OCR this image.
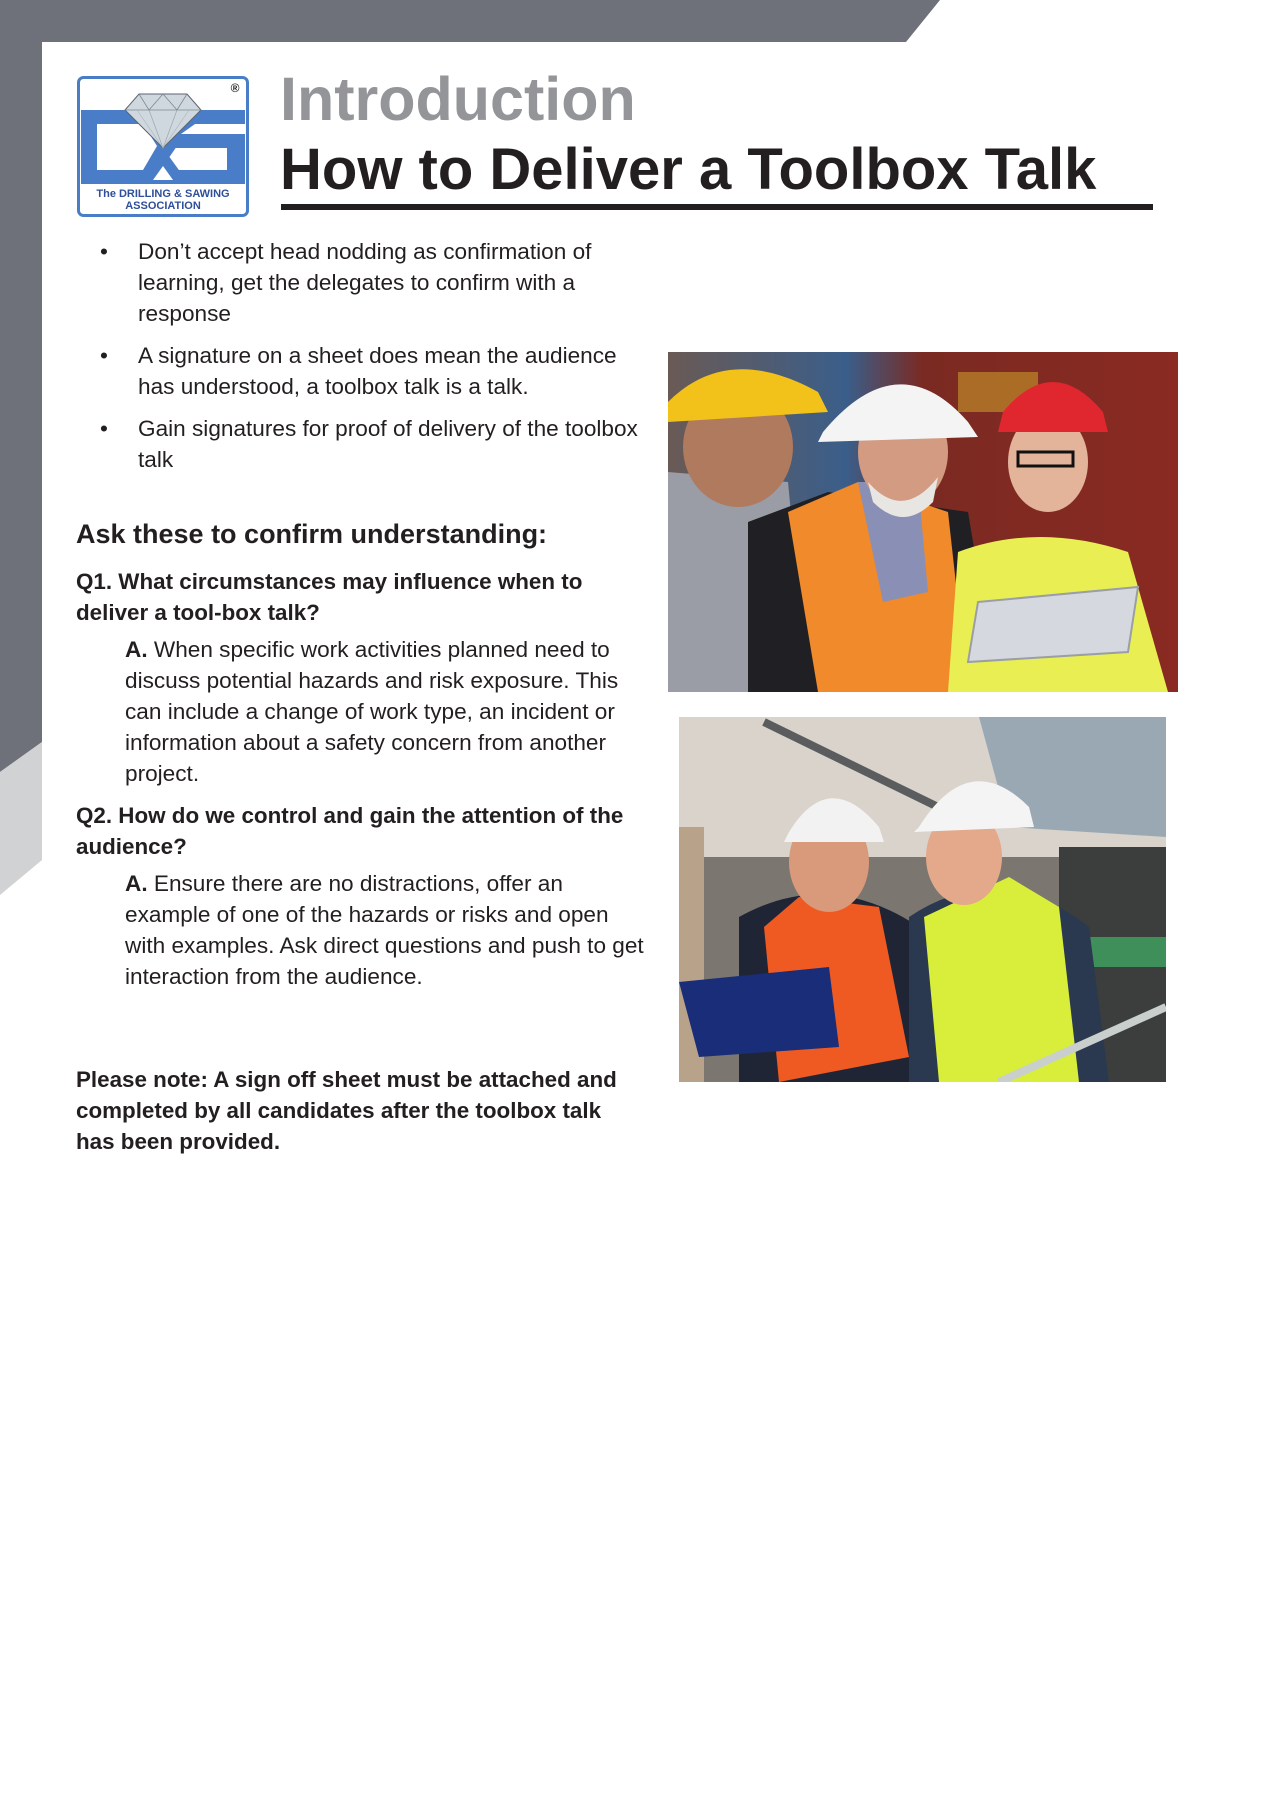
®
The DRILLING & SAWING
ASSOCIATION
Introduction
How to Deliver a Toolbox Talk
• Don’t accept head nodding as confirmation of learning, get the delegates to confirm with a response
• A signature on a sheet does mean the audience has understood, a toolbox talk is a talk.
• Gain signatures for proof of delivery of the toolbox talk
Ask these to confirm understanding:
Q1. What circumstances may influence when to deliver a tool-box talk?
A. When specific work activities planned need to discuss potential hazards and risk exposure. This can include a change of work type, an incident or information about a safety concern from another project.
Q2. How do we control and gain the attention of the audience?
A. Ensure there are no distractions, offer an example of one of the hazards or risks and open with examples. Ask direct questions and push to get interaction from the audience.
Please note: A sign off sheet must be attached and completed by all candidates after the toolbox talk has been provided.
